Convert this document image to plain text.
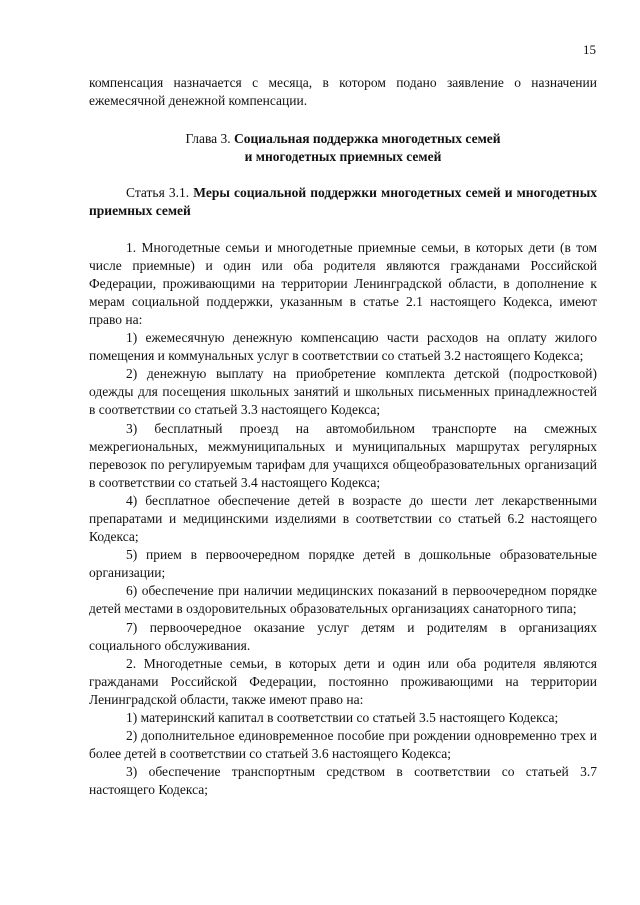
15

компенсация назначается с месяца, в котором подано заявление о назначении ежемесячной денежной компенсации.

Глава 3. Социальная поддержка многодетных семей
и многодетных приемных семей

Статья 3.1. Меры социальной поддержки многодетных семей и многодетных приемных семей

1. Многодетные семьи и многодетные приемные семьи, в которых дети (в том числе приемные) и один или оба родителя являются гражданами Российской Федерации, проживающими на территории Ленинградской области, в дополнение к мерам социальной поддержки, указанным в статье 2.1 настоящего Кодекса, имеют право на:

1) ежемесячную денежную компенсацию части расходов на оплату жилого помещения и коммунальных услуг в соответствии со статьей 3.2 настоящего Кодекса;

2) денежную выплату на приобретение комплекта детской (подростковой) одежды для посещения школьных занятий и школьных письменных принадлежностей в соответствии со статьей 3.3 настоящего Кодекса;

3) бесплатный проезд на автомобильном транспорте на смежных межрегиональных, межмуниципальных и муниципальных маршрутах регулярных перевозок по регулируемым тарифам для учащихся общеобразовательных организаций в соответствии со статьей 3.4 настоящего Кодекса;

4) бесплатное обеспечение детей в возрасте до шести лет лекарственными препаратами и медицинскими изделиями в соответствии со статьей 6.2 настоящего Кодекса;

5) прием в первоочередном порядке детей в дошкольные образовательные организации;

6) обеспечение при наличии медицинских показаний в первоочередном порядке детей местами в оздоровительных образовательных организациях санаторного типа;

7) первоочередное оказание услуг детям и родителям в организациях социального обслуживания.

2. Многодетные семьи, в которых дети и один или оба родителя являются гражданами Российской Федерации, постоянно проживающими на территории Ленинградской области, также имеют право на:

1) материнский капитал в соответствии со статьей 3.5 настоящего Кодекса;

2) дополнительное единовременное пособие при рождении одновременно трех и более детей в соответствии со статьей 3.6 настоящего Кодекса;

3) обеспечение транспортным средством в соответствии со статьей 3.7 настоящего Кодекса;
